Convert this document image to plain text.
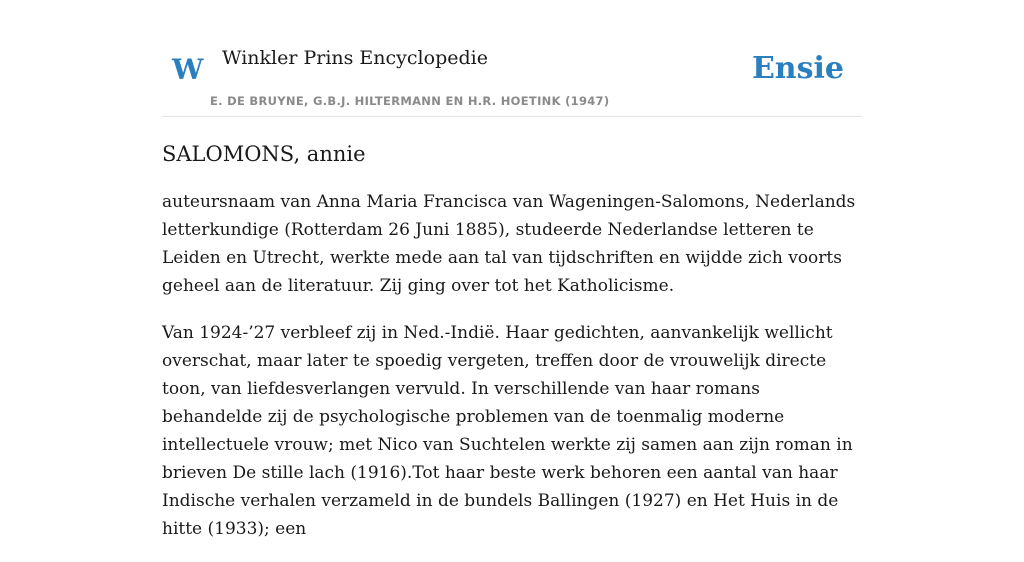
W Winkler Prins Encyclopedie
E. DE BRUYNE, G.B.J. HILTERMANN EN H.R. HOETINK (1947)
Ensie
SALOMONS, annie

auteursnaam van Anna Maria Francisca van Wageningen-Salomons, Nederlands letterkundige (Rotterdam 26 Juni 1885), studeerde Nederlandse letteren te Leiden en Utrecht, werkte mede aan tal van tijdschriften en wijdde zich voorts geheel aan de literatuur. Zij ging over tot het Katholicisme.

Van 1924-’27 verbleef zij in Ned.-Indië. Haar gedichten, aanvankelijk wellicht overschat, maar later te spoedig vergeten, treffen door de vrouwelijk directe toon, van liefdesverlangen vervuld. In verschillende van haar romans behandelde zij de psychologische problemen van de toenmalig moderne intellectuele vrouw; met Nico van Suchtelen werkte zij samen aan zijn roman in brieven De stille lach (1916).Tot haar beste werk behoren een aantal van haar Indische verhalen verzameld in de bundels Ballingen (1927) en Het Huis in de hitte (1933); een
